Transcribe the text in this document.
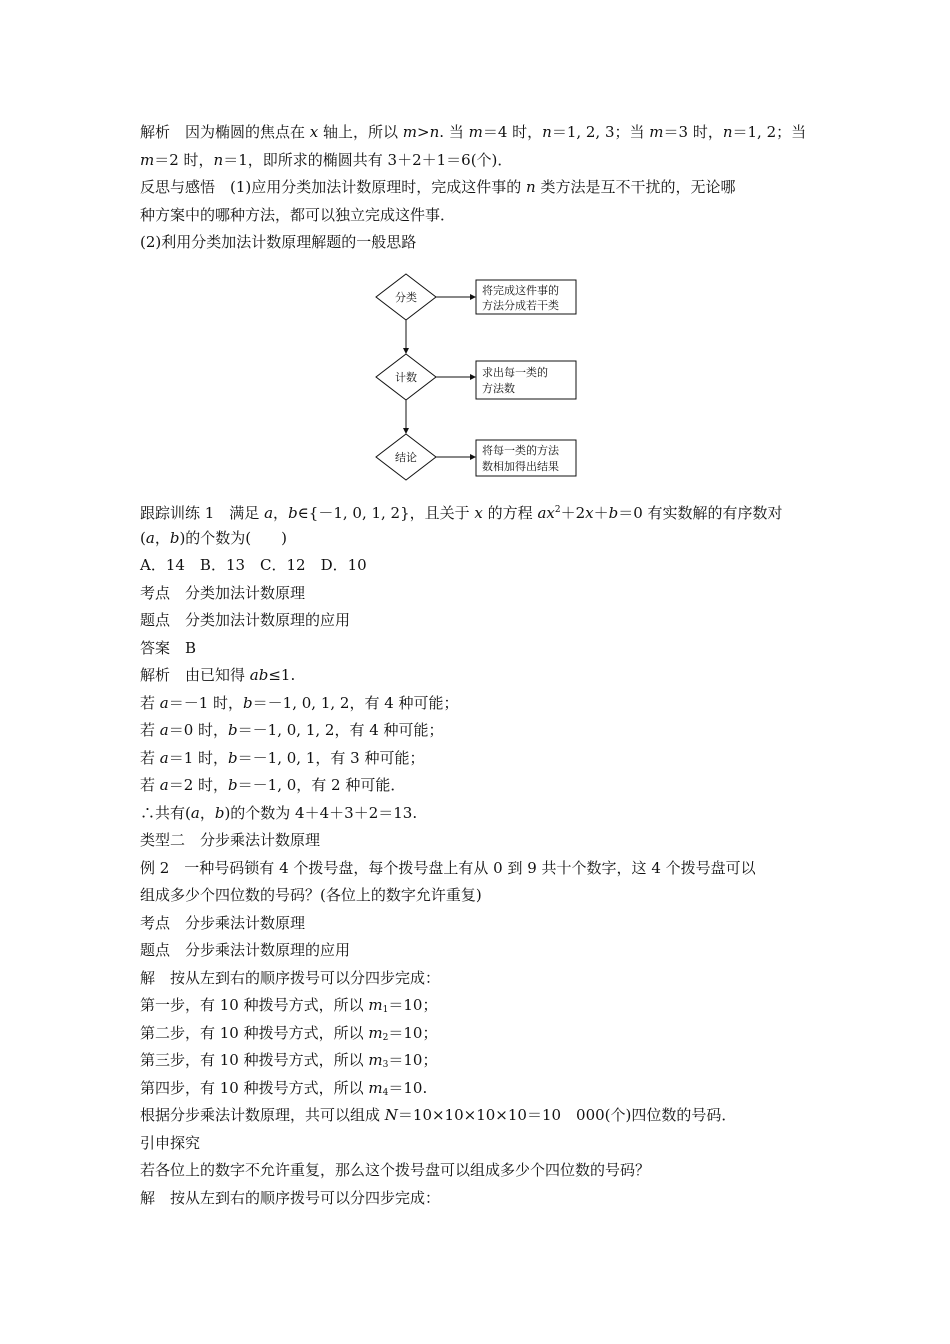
解析　因为椭圆的焦点在 x 轴上，所以 m>n. 当 m＝4 时，n＝1, 2, 3；当 m＝3 时，n＝1, 2；当
m＝2 时，n＝1，即所求的椭圆共有 3＋2＋1＝6(个)．
反思与感悟　(1)应用分类加法计数原理时，完成这件事的 n 类方法是互不干扰的，无论哪
种方案中的哪种方法，都可以独立完成这件事．
(2)利用分类加法计数原理解题的一般思路
分类
计数
结论
将完成这件事的
方法分成若干类
求出每一类的
方法数
将每一类的方法
数相加得出结果
跟踪训练 1　满足 a，b∈{－1, 0, 1, 2}，且关于 x 的方程 $ax^2+2x+b=0$ 有实数解的有序数对
(a，b)的个数为(　　)
A．14　B．13　C．12　D．10
考点　分类加法计数原理
题点　分类加法计数原理的应用
答案　B
解析　由已知得 ab≤1.
若 a＝－1 时，b＝－1, 0, 1, 2，有 4 种可能；
若 a＝0 时，b＝－1, 0, 1, 2，有 4 种可能；
若 a＝1 时，b＝－1, 0, 1，有 3 种可能；
若 a＝2 时，b＝－1, 0，有 2 种可能．
∴共有(a，b)的个数为 4＋4＋3＋2＝13.
类型二　分步乘法计数原理
例 2　一种号码锁有 4 个拨号盘，每个拨号盘上有从 0 到 9 共十个数字，这 4 个拨号盘可以
组成多少个四位数的号码？(各位上的数字允许重复)
考点　分步乘法计数原理
题点　分步乘法计数原理的应用
解　按从左到右的顺序拨号可以分四步完成：
第一步，有 10 种拨号方式，所以 $m_1=10$；
第二步，有 10 种拨号方式，所以 $m_2=10$；
第三步，有 10 种拨号方式，所以 $m_3=10$；
第四步，有 10 种拨号方式，所以 $m_4=10$.
根据分步乘法计数原理，共可以组成 N＝10×10×10×10＝10　000(个)四位数的号码．
引申探究
若各位上的数字不允许重复，那么这个拨号盘可以组成多少个四位数的号码？
解　按从左到右的顺序拨号可以分四步完成：
